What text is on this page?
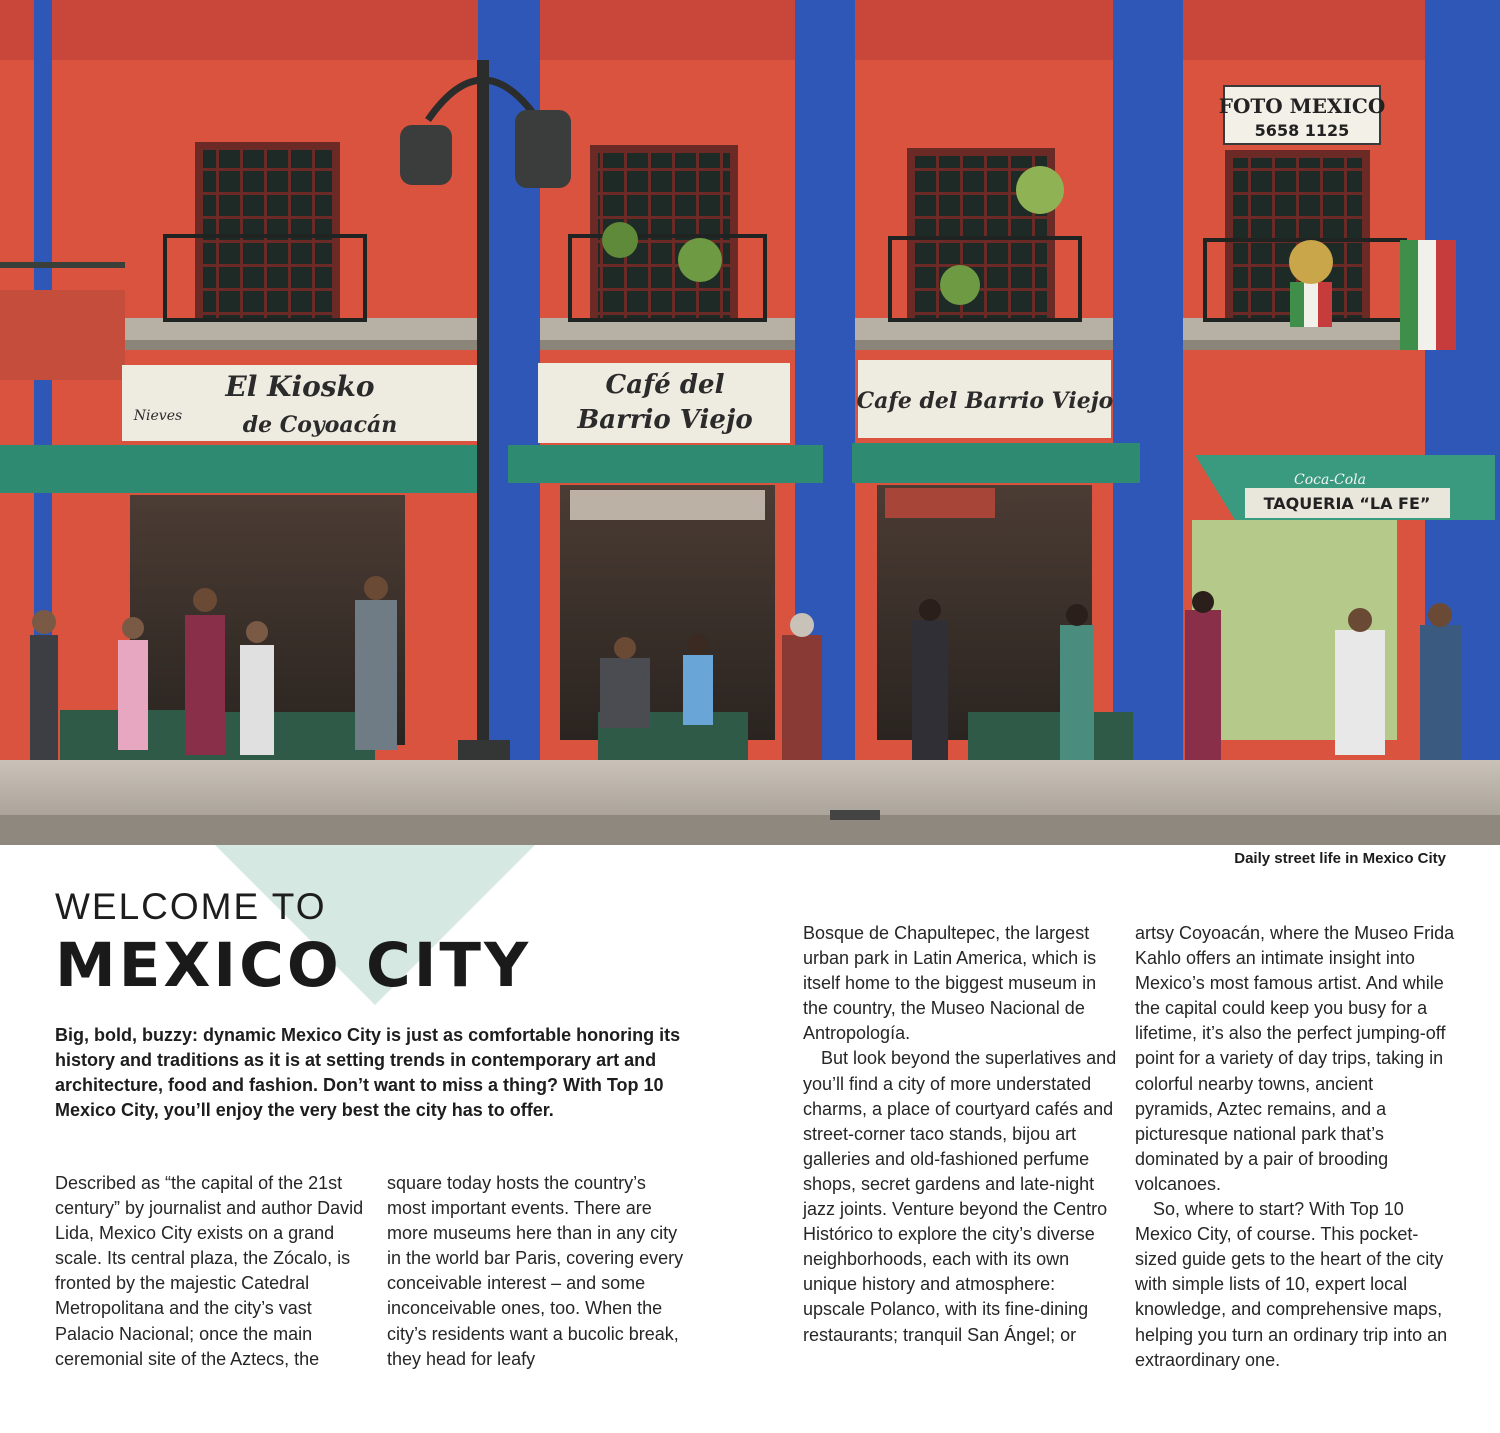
FOTO MEXICO
5658 1125
El Kiosko
de Coyoacán
Nieves
Café del
Barrio Viejo
Cafe del Barrio Viejo
TAQUERIA “LA FE”
Coca-Cola
Daily street life in Mexico City
WELCOME TO
MEXICO CITY
Big, bold, buzzy: dynamic Mexico City is just as comfortable honoring its history and traditions as it is at setting trends in contemporary art and architecture, food and fashion. Don’t want to miss a thing? With Top 10 Mexico City, you’ll enjoy the very best the city has to offer.

Described as “the capital of the 21st century” by journalist and author David Lida, Mexico City exists on a grand scale. Its central plaza, the Zócalo, is fronted by the majestic Catedral Metropolitana and the city’s vast Palacio Nacional; once the main ceremonial site of the Aztecs, the

square today hosts the country’s most important events. There are more museums here than in any city in the world bar Paris, covering every conceivable interest – and some inconceivable ones, too. When the city’s residents want a bucolic break, they head for leafy

Bosque de Chapultepec, the largest urban park in Latin America, which is itself home to the biggest museum in the country, the Museo Nacional de Antropología.

But look beyond the superlatives and you’ll find a city of more understated charms, a place of courtyard cafés and street-corner taco stands, bijou art galleries and old-fashioned perfume shops, secret gardens and late-night jazz joints. Venture beyond the Centro Histórico to explore the city’s diverse neighborhoods, each with its own unique history and atmosphere: upscale Polanco, with its fine-dining restaurants; tranquil San Ángel; or

artsy Coyoacán, where the Museo Frida Kahlo offers an intimate insight into Mexico’s most famous artist. And while the capital could keep you busy for a lifetime, it’s also the perfect jumping-off point for a variety of day trips, taking in colorful nearby towns, ancient pyramids, Aztec remains, and a picturesque national park that’s dominated by a pair of brooding volcanoes.

So, where to start? With Top 10 Mexico City, of course. This pocket-sized guide gets to the heart of the city with simple lists of 10, expert local knowledge, and comprehensive maps, helping you turn an ordinary trip into an extraordinary one.
